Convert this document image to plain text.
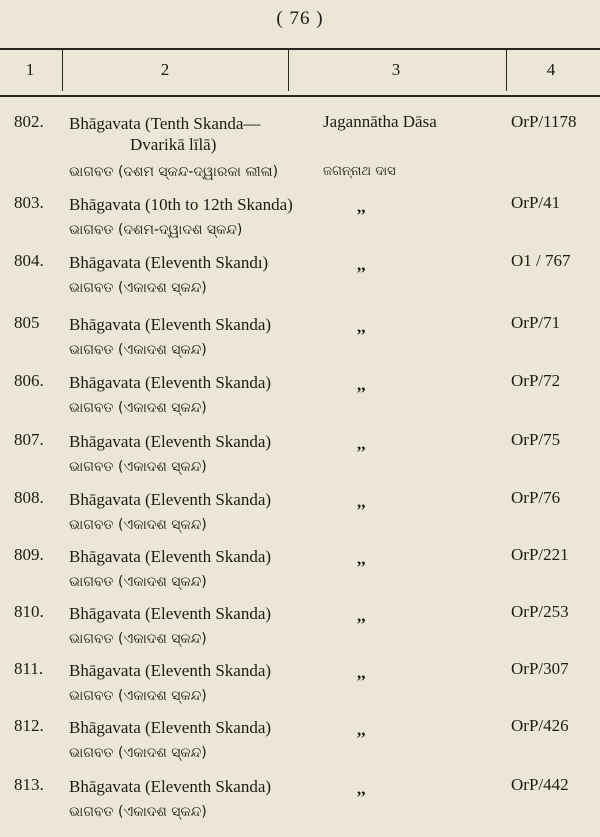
( 76 )
1	2	3	4
802. Bhāgavata (Tenth Skanda—
Dvarikā līlā)
ଭାଗବତ (ଦଶମ ସ୍କନ୍ଦ-ଦ୍ୱାରକା ଲୀଳା)
Jagannātha Dāsa
ଜଗନ୍ନାଥ ଦାସ
OrP/1178
803. Bhāgavata (10th to 12th Skanda)
ଭାଗବତ (ଦଶମ-ଦ୍ୱାଦଶ ସ୍କନ୍ଦ)
,,	OrP/41
804. Bhāgavata (Eleventh Skandı)
ଭାଗବତ (ଏକାଦଶ ସ୍କନ୍ଦ)
,,	O1 / 767
805 Bhāgavata (Eleventh Skanda)
ଭାଗବତ (ଏକାଦଶ ସ୍କନ୍ଦ)
,,	OrP/71
806. Bhāgavata (Eleventh Skanda)
ଭାଗବତ (ଏକାଦଶ ସ୍କନ୍ଦ)
,,	OrP/72
807. Bhāgavata (Eleventh Skanda)
ଭାଗବତ (ଏକାଦଶ ସ୍କନ୍ଦ)
,,	OrP/75
808. Bhāgavata (Eleventh Skanda)
ଭାଗବତ (ଏକାଦଶ ସ୍କନ୍ଦ)
,,	OrP/76
809. Bhāgavata (Eleventh Skanda)
ଭାଗବତ (ଏକାଦଶ ସ୍କନ୍ଦ)
,,	OrP/221
810. Bhāgavata (Eleventh Skanda)
ଭାଗବତ (ଏକାଦଶ ସ୍କନ୍ଦ)
,,	OrP/253
811. Bhāgavata (Eleventh Skanda)
ଭାଗବତ (ଏକାଦଶ ସ୍କନ୍ଦ)
,,	OrP/307
812. Bhāgavata (Eleventh Skanda)
ଭାଗବତ (ଏକାଦଶ ସ୍କନ୍ଦ)
,,	OrP/426
813. Bhāgavata (Eleventh Skanda)
ଭାଗବତ (ଏକାଦଶ ସ୍କନ୍ଦ)
,,	OrP/442
